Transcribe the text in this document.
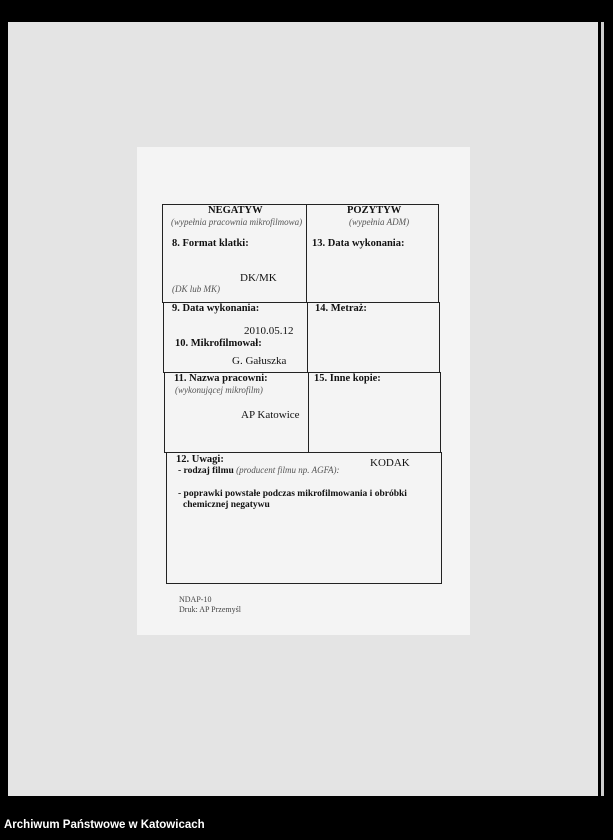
NEGATYW
(wypełnia pracownia mikrofilmowa)
POZYTYW
(wypełnia ADM)
8. Format klatki:
DK/MK
(DK lub MK)
13. Data wykonania:
9. Data wykonania:
2010.05.12
10. Mikrofilmował:
G. Gałuszka
14. Metraż:
11. Nazwa pracowni:
(wykonującej mikrofilm)
AP Katowice
15. Inne kopie:
12. Uwagi:
- rodzaj filmu (producent filmu np. AGFA):
KODAK
- poprawki powstałe podczas mikrofilmowania i obróbki
chemicznej negatywu
NDAP-10
Druk: AP Przemyśl
Archiwum Państwowe w Katowicach
